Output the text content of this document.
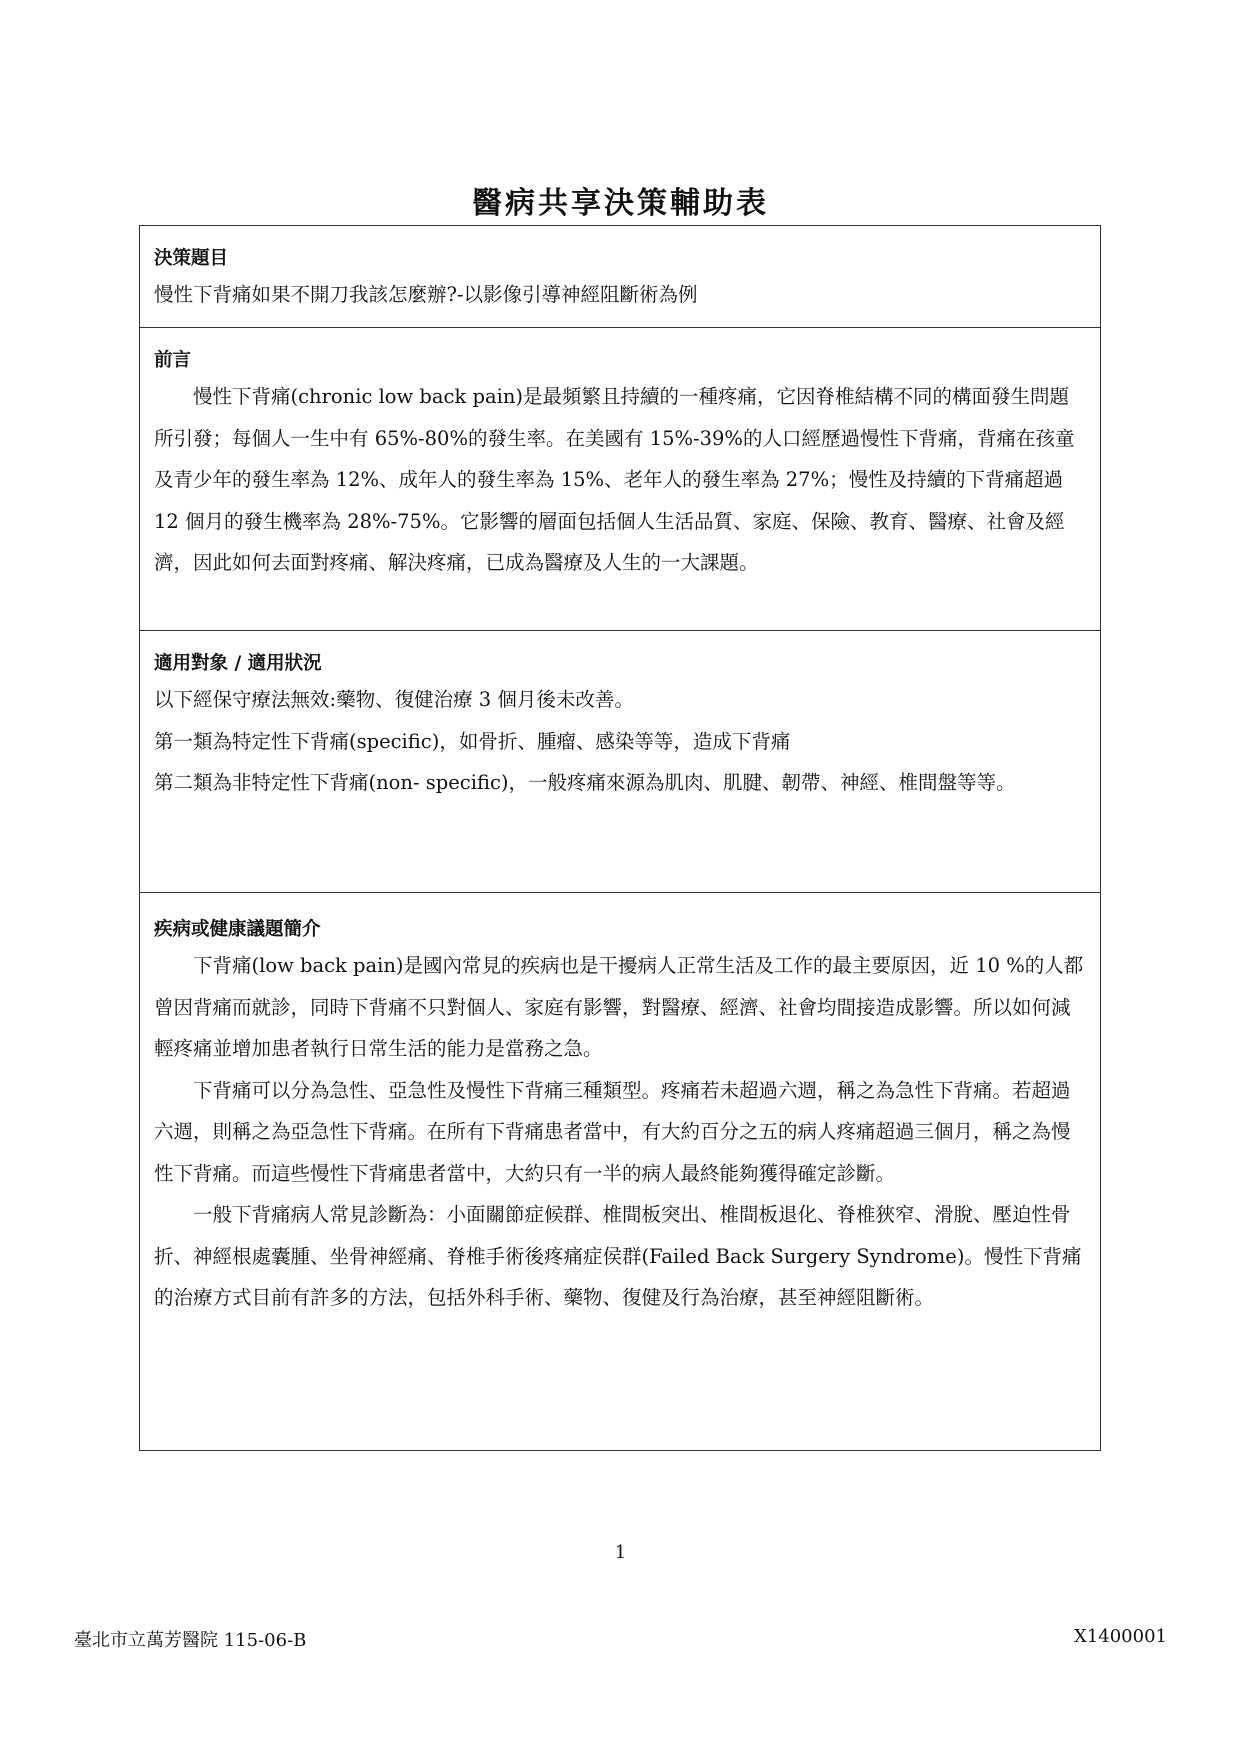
醫病共享決策輔助表
決策題目

慢性下背痛如果不開刀我該怎麼辦?-以影像引導神經阻斷術為例

前言

慢性下背痛(chronic low back pain)是最頻繁且持續的一種疼痛，它因脊椎結構不同的構面發生問題所引發；每個人一生中有 65%-80%的發生率。在美國有 15%-39%的人口經歷過慢性下背痛，背痛在孩童及青少年的發生率為 12%、成年人的發生率為 15%、老年人的發生率為 27%；慢性及持續的下背痛超過 12 個月的發生機率為 28%-75%。它影響的層面包括個人生活品質、家庭、保險、教育、醫療、社會及經濟，因此如何去面對疼痛、解決疼痛，已成為醫療及人生的一大課題。

適用對象 / 適用狀況

以下經保守療法無效:藥物、復健治療 3 個月後未改善。

第一類為特定性下背痛(specific)，如骨折、腫瘤、感染等等，造成下背痛

第二類為非特定性下背痛(non- specific)，一般疼痛來源為肌肉、肌腱、韌帶、神經、椎間盤等等。

疾病或健康議題簡介

下背痛(low back pain)是國內常見的疾病也是干擾病人正常生活及工作的最主要原因，近 10 %的人都曾因背痛而就診，同時下背痛不只對個人、家庭有影響，對醫療、經濟、社會均間接造成影響。所以如何減輕疼痛並增加患者執行日常生活的能力是當務之急。

下背痛可以分為急性、亞急性及慢性下背痛三種類型。疼痛若未超過六週，稱之為急性下背痛。若超過六週，則稱之為亞急性下背痛。在所有下背痛患者當中，有大約百分之五的病人疼痛超過三個月，稱之為慢性下背痛。而這些慢性下背痛患者當中，大約只有一半的病人最終能夠獲得確定診斷。

一般下背痛病人常見診斷為：小面關節症候群、椎間板突出、椎間板退化、脊椎狹窄、滑脫、壓迫性骨折、神經根處囊腫、坐骨神經痛、脊椎手術後疼痛症侯群(Failed Back Surgery Syndrome)。慢性下背痛的治療方式目前有許多的方法，包括外科手術、藥物、復健及行為治療，甚至神經阻斷術。

1
臺北市立萬芳醫院 115-06-B	X1400001
